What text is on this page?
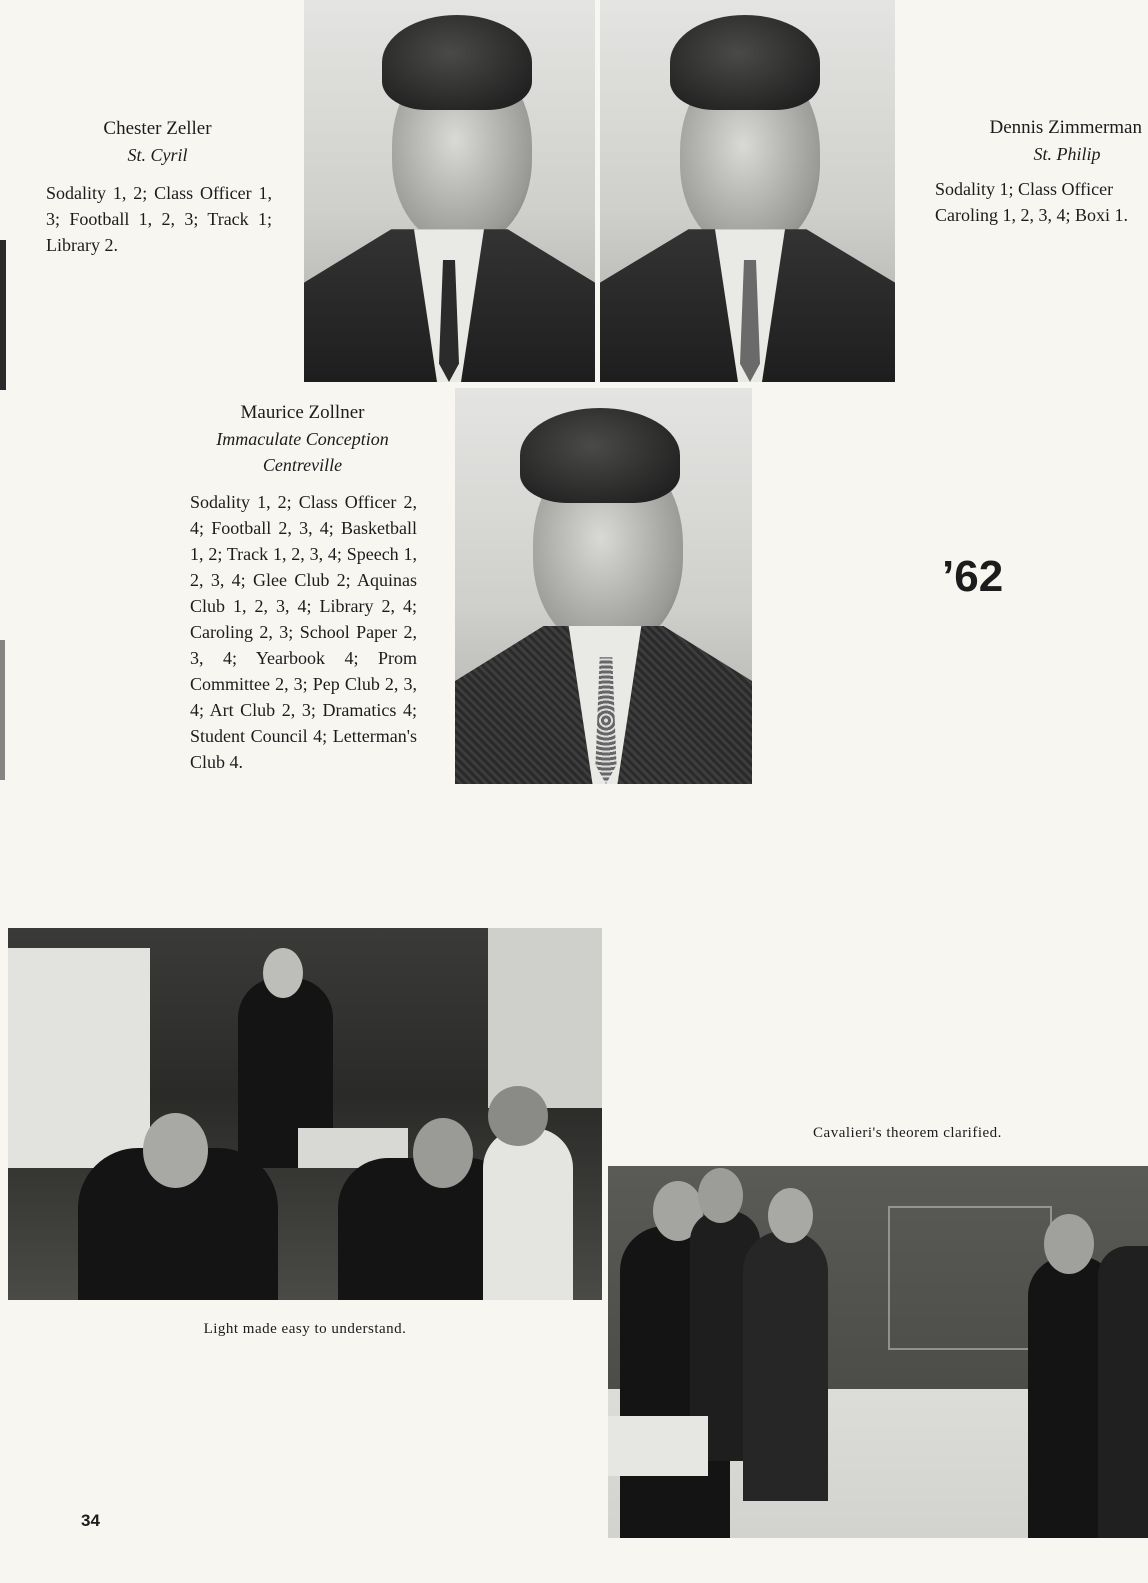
Chester Zeller
St. Cyril
Sodality 1, 2; Class Officer 1, 3; Football 1, 2, 3; Track 1; Library 2.
Dennis Zimmerman
St. Philip
Sodality 1; Class Officer Caroling 1, 2, 3, 4; Boxi 1.
Maurice Zollner
Immaculate Conception
Centreville
Sodality 1, 2; Class Officer 2, 4; Football 2, 3, 4; Basketball 1, 2; Track 1, 2, 3, 4; Speech 1, 2, 3, 4; Glee Club 2; Aquinas Club 1, 2, 3, 4; Library 2, 4; Caroling 2, 3; School Paper 2, 3, 4; Yearbook 4; Prom Committee 2, 3; Pep Club 2, 3, 4; Art Club 2, 3; Dramatics 4; Student Council 4; Letterman's Club 4.
’62
Light made easy to understand.
Cavalieri's theorem clarified.
34
